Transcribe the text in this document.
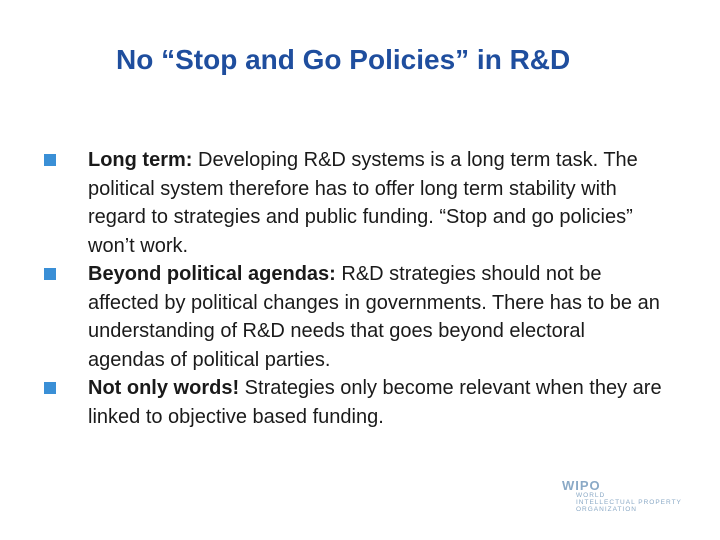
No “Stop and Go Policies” in R&D
Long term: Developing R&D systems is a long term task. The political system therefore has to offer long term stability with regard to strategies and public funding. “Stop and go policies” won’t work.
Beyond political agendas: R&D strategies should not be affected by political changes in governments. There has to be an understanding of R&D needs that goes beyond electoral agendas of political parties.
Not only words! Strategies only become relevant when they are linked to objective based funding.
WIPO
WORLD
INTELLECTUAL PROPERTY
ORGANIZATION
